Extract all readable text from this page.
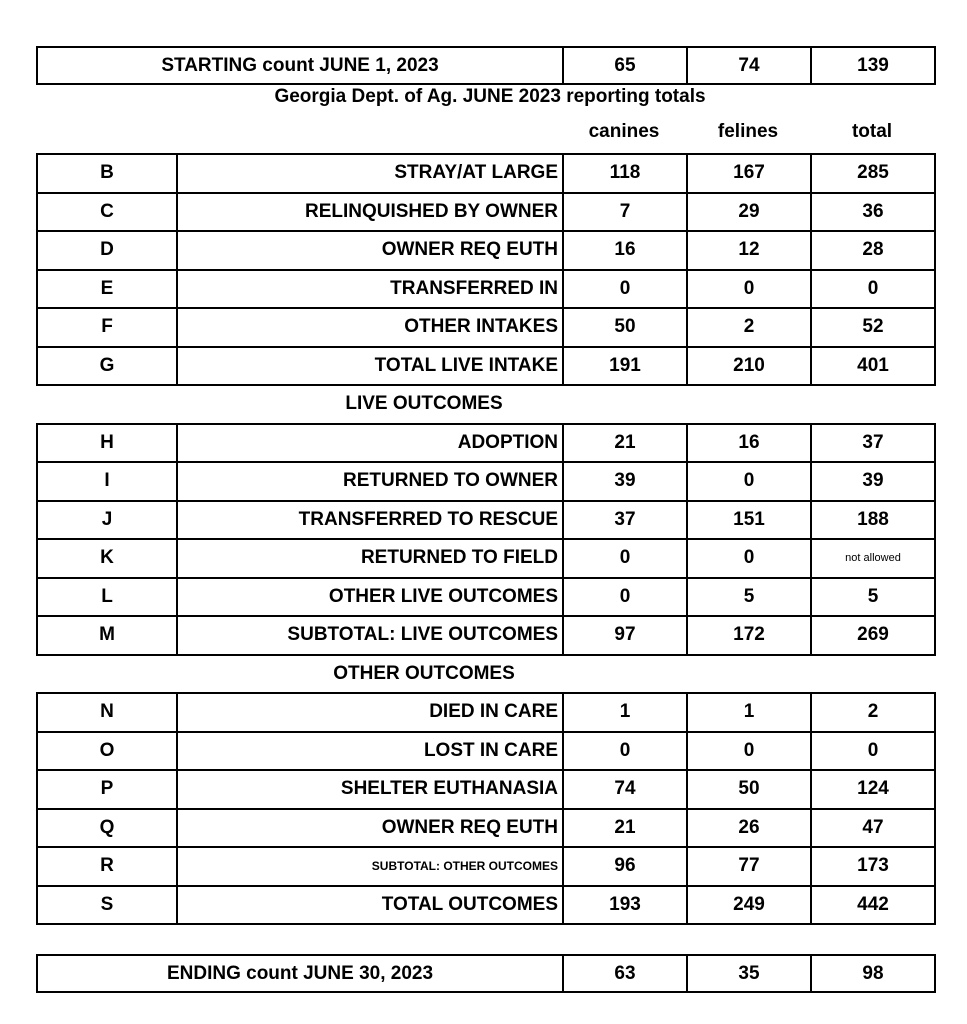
STARTING count JUNE 1, 2023	65	74	139
Georgia Dept. of Ag. JUNE 2023 reporting totals
canines	felines	total
B	STRAY/AT LARGE	118	167	285
C	RELINQUISHED BY OWNER	7	29	36
D	OWNER REQ EUTH	16	12	28
E	TRANSFERRED IN	0	0	0
F	OTHER INTAKES	50	2	52
G	TOTAL LIVE INTAKE	191	210	401
LIVE OUTCOMES				
H	ADOPTION	21	16	37
I	RETURNED TO OWNER	39	0	39
J	TRANSFERRED TO RESCUE	37	151	188
K	RETURNED TO FIELD	0	0	not allowed
L	OTHER LIVE OUTCOMES	0	5	5
M	SUBTOTAL: LIVE OUTCOMES	97	172	269
OTHER OUTCOMES				
N	DIED IN CARE	1	1	2
O	LOST IN CARE	0	0	0
P	SHELTER EUTHANASIA	74	50	124
Q	OWNER REQ EUTH	21	26	47
R	SUBTOTAL: OTHER OUTCOMES	96	77	173
S	TOTAL OUTCOMES	193	249	442
ENDING count JUNE 30, 2023	63	35	98
